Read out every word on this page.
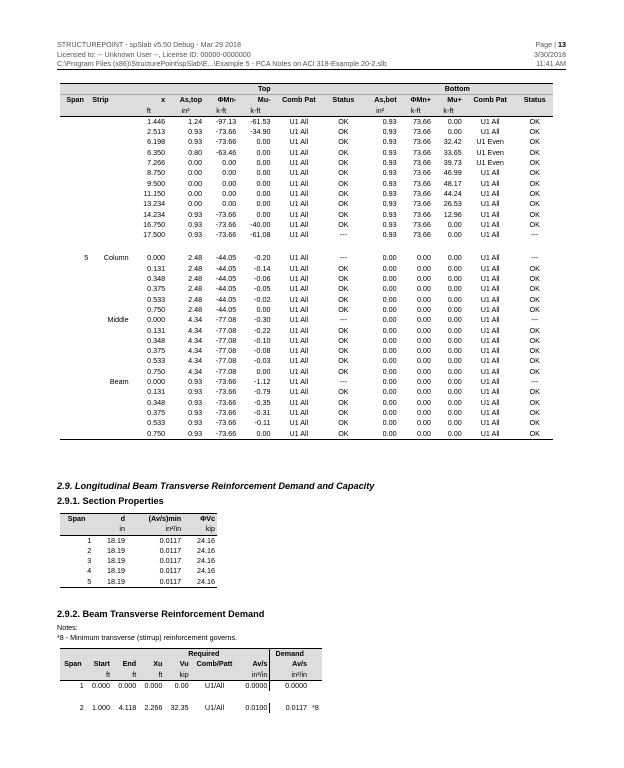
STRUCTUREPOINT - spSlab v5.50 Debug - Mar 29 2018
Licensed to: -- Unknown User --, License ID: 00000-0000000
C:\Program Files (x86)\StructurePoint\spSlab\E...\Example 5 - PCA Notes on ACI 318-Example 20-2.slb
Page | 13
3/30/2018
11:41 AM
			Top					Bottom				
Span	Strip	x	As,top	ΦMn-	Mu-	Comb Pat	Status	As,bot	ΦMn+	Mu+	Comb Pat	Status
		ft	in²	k-ft	k-ft			in²	k-ft	k-ft		
		1.446	1.24	-97.13	-61.53	U1 All	OK	0.93	73.66	0.00	U1 All	OK
		2.513	0.93	-73.66	-34.90	U1 All	OK	0.93	73.66	0.00	U1 All	OK
		6.198	0.93	-73.66	0.00	U1 All	OK	0.93	73.66	32.42	U1 Even	OK
		6.350	0.80	-63.46	0.00	U1 All	OK	0.93	73.66	33.65	U1 Even	OK
		7.266	0.00	0.00	0.00	U1 All	OK	0.93	73.66	39.73	U1 Even	OK
		8.750	0.00	0.00	0.00	U1 All	OK	0.93	73.66	46.99	U1 All	OK
		9.500	0.00	0.00	0.00	U1 All	OK	0.93	73.66	48.17	U1 All	OK
		11.150	0.00	0.00	0.00	U1 All	OK	0.93	73.66	44.24	U1 All	OK
		13.234	0.00	0.00	0.00	U1 All	OK	0.93	73.66	26.53	U1 All	OK
		14.234	0.93	-73.66	0.00	U1 All	OK	0.93	73.66	12.96	U1 All	OK
		16.750	0.93	-73.66	-40.00	U1 All	OK	0.93	73.66	0.00	U1 All	OK
		17.500	0.93	-73.66	-61.08	U1 All	---	0.93	73.66	0.00	U1 All	---

5	Column	0.000	2.48	-44.05	-0.20	U1 All	---	0.00	0.00	0.00	U1 All	---
		0.131	2.48	-44.05	-0.14	U1 All	OK	0.00	0.00	0.00	U1 All	OK
		0.348	2.48	-44.05	-0.06	U1 All	OK	0.00	0.00	0.00	U1 All	OK
		0.375	2.48	-44.05	-0.05	U1 All	OK	0.00	0.00	0.00	U1 All	OK
		0.533	2.48	-44.05	-0.02	U1 All	OK	0.00	0.00	0.00	U1 All	OK
		0.750	2.48	-44.05	0.00	U1 All	OK	0.00	0.00	0.00	U1 All	OK
	Middle	0.000	4.34	-77.08	-0.30	U1 All	---	0.00	0.00	0.00	U1 All	---
		0.131	4.34	-77.08	-0.22	U1 All	OK	0.00	0.00	0.00	U1 All	OK
		0.348	4.34	-77.08	-0.10	U1 All	OK	0.00	0.00	0.00	U1 All	OK
		0.375	4.34	-77.08	-0.08	U1 All	OK	0.00	0.00	0.00	U1 All	OK
		0.533	4.34	-77.08	-0.03	U1 All	OK	0.00	0.00	0.00	U1 All	OK
		0.750	4.34	-77.08	0.00	U1 All	OK	0.00	0.00	0.00	U1 All	OK
	Beam	0.000	0.93	-73.66	-1.12	U1 All	---	0.00	0.00	0.00	U1 All	---
		0.131	0.93	-73.66	-0.79	U1 All	OK	0.00	0.00	0.00	U1 All	OK
		0.348	0.93	-73.66	-0.35	U1 All	OK	0.00	0.00	0.00	U1 All	OK
		0.375	0.93	-73.66	-0.31	U1 All	OK	0.00	0.00	0.00	U1 All	OK
		0.533	0.93	-73.66	-0.11	U1 All	OK	0.00	0.00	0.00	U1 All	OK
		0.750	0.93	-73.66	0.00	U1 All	OK	0.00	0.00	0.00	U1 All	OK
2.9. Longitudinal Beam Transverse Reinforcement Demand and Capacity
2.9.1. Section Properties
Span	d	(Av/s)min	ΦVc
	in	in²/in	kip
1	18.19	0.0117	24.16
2	18.19	0.0117	24.16
3	18.19	0.0117	24.16
4	18.19	0.0117	24.16
5	18.19	0.0117	24.16
2.9.2. Beam Transverse Reinforcement Demand
Notes:
*8 - Minimum transverse (stirrup) reinforcement governs.
			Required				Demand	
Span	Start	End	Xu	Vu	Comb/Patt	Av/s	Av/s	
	ft	ft	ft	kip		in²/in	in²/in	
1	0.000	0.000	0.000	0.00	U1/All	0.0000	0.0000	

2	1.000	4.118	2.266	32.35	U1/All	0.0100	0.0117	*8
